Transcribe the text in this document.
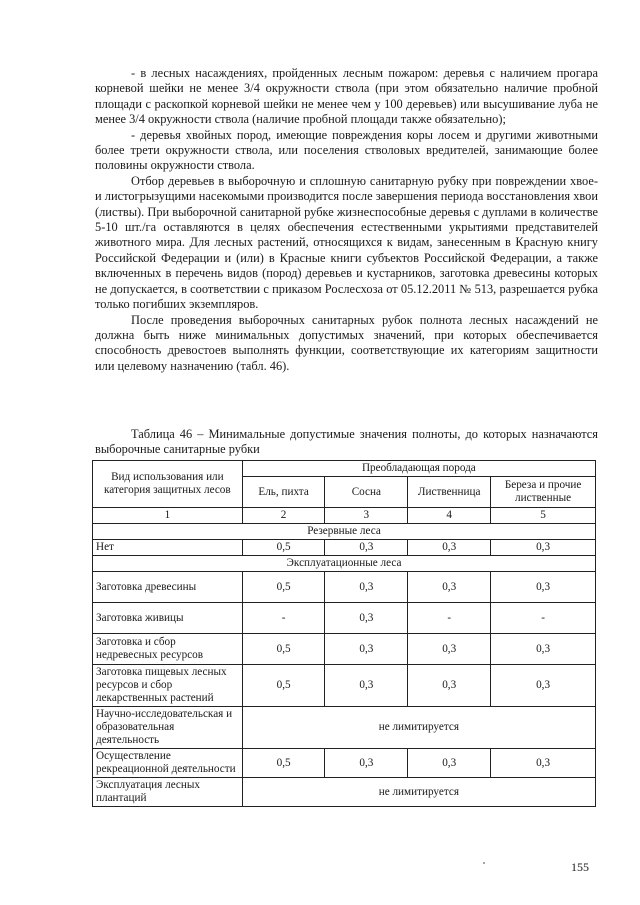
- в лесных насаждениях, пройденных лесным пожаром: деревья с наличием прогара корневой шейки не менее 3/4 окружности ствола (при этом обязательно наличие пробной площади с раскопкой корневой шейки не менее чем у 100 деревьев) или высушивание луба не менее 3/4 окружности ствола (наличие пробной площади также обязательно);

- деревья хвойных пород, имеющие повреждения коры лосем и другими животными более трети окружности ствола, или поселения стволовых вредителей, занимающие более половины окружности ствола.

Отбор деревьев в выборочную и сплошную санитарную рубку при повреждении хвое- и листогрызущими насекомыми производится после завершения периода восстановления хвои (листвы). При выборочной санитарной рубке жизнеспособные деревья с дуплами в количестве 5-10 шт./га оставляются в целях обеспечения естественными укрытиями представителей животного мира. Для лесных растений, относящихся к видам, занесенным в Красную книгу Российской Федерации и (или) в Красные книги субъектов Российской Федерации, а также включенных в перечень видов (пород) деревьев и кустарников, заготовка древесины которых не допускается, в соответствии с приказом Рослесхоза от 05.12.2011 № 513, разрешается рубка только погибших экземпляров.

После проведения выборочных санитарных рубок полнота лесных насаждений не должна быть ниже минимальных допустимых значений, при которых обеспечивается способность древостоев выполнять функции, соответствующие их категориям защитности или целевому назначению (табл. 46).

Таблица 46 – Минимальные допустимые значения полноты, до которых назначаются выборочные санитарные рубки
Вид использования или категория защитных лесов	Преобладающая порода			
	Ель, пихта	Сосна	Лиственница	Береза и прочие лиственные
1	2	3	4	5
Резервные леса				
Нет	0,5	0,3	0,3	0,3
Эксплуатационные леса				
Заготовка древесины	0,5	0,3	0,3	0,3
Заготовка живицы	-	0,3	-	-
Заготовка и сбор недревесных ресурсов	0,5	0,3	0,3	0,3
Заготовка пищевых лесных ресурсов и сбор лекарственных растений	0,5	0,3	0,3	0,3
Научно-исследовательская и образовательная деятельность	не лимитируется			
Осуществление рекреационной деятельности	0,5	0,3	0,3	0,3
Эксплуатация лесных плантаций	не лимитируется			
155
